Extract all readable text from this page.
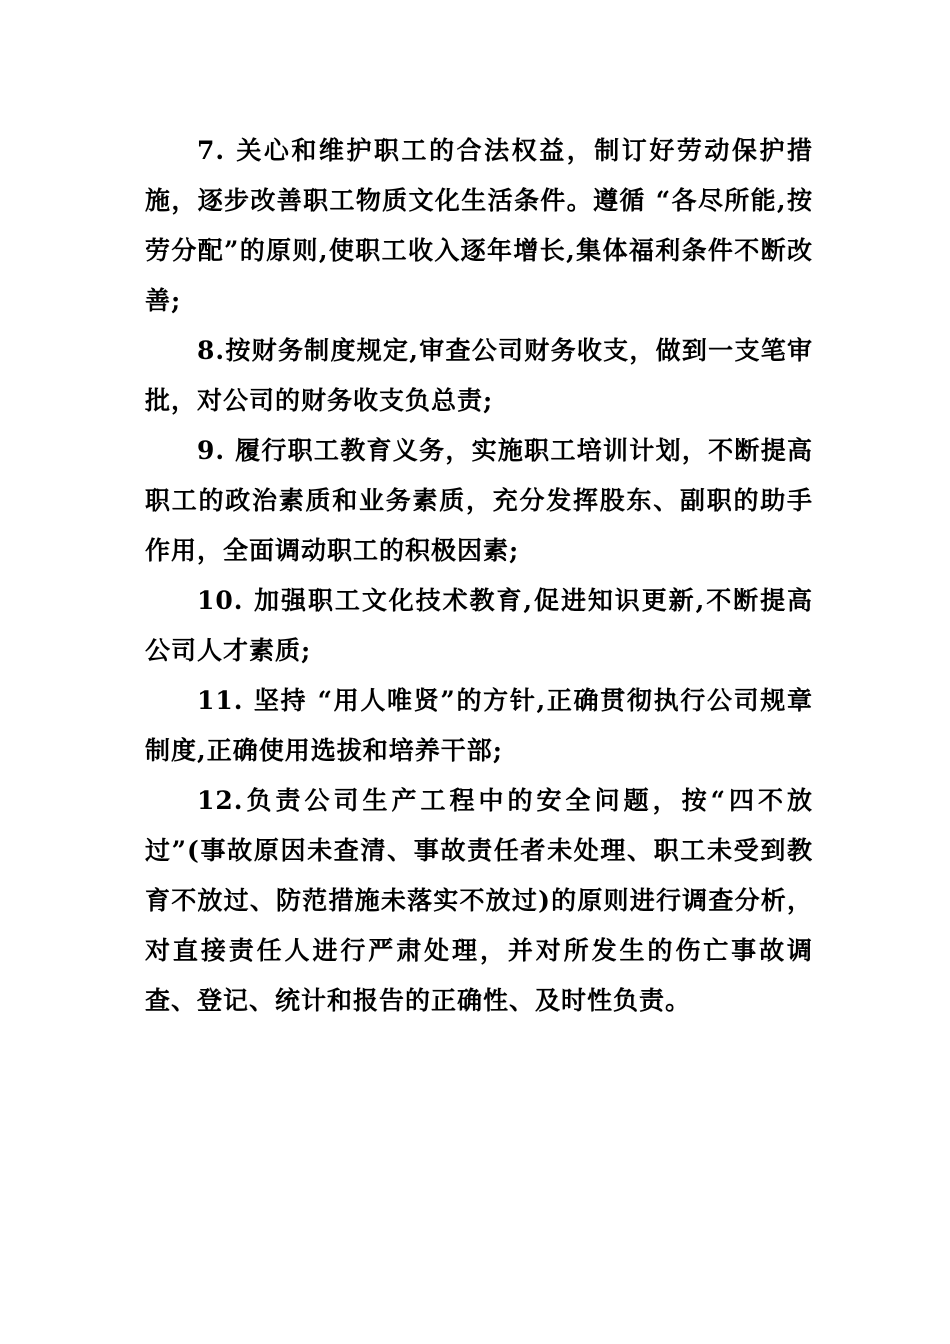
7. 关心和维护职工的合法权益，制订好劳动保护措施，逐步改善职工物质文化生活条件。遵循 “各尽所能,按劳分配”的原则,使职工收入逐年增长,集体福利条件不断改善;

8.按财务制度规定,审查公司财务收支，做到一支笔审批，对公司的财务收支负总责;

9. 履行职工教育义务，实施职工培训计划，不断提高职工的政治素质和业务素质，充分发挥股东、副职的助手作用，全面调动职工的积极因素;

10. 加强职工文化技术教育,促进知识更新,不断提高公司人才素质;

11. 坚持 “用人唯贤”的方针,正确贯彻执行公司规章制度,正确使用选拔和培养干部;

12.负责公司生产工程中的安全问题，按“四不放过”(事故原因未查清、事故责任者未处理、职工未受到教育不放过、防范措施未落实不放过)的原则进行调查分析，对直接责任人进行严肃处理，并对所发生的伤亡事故调查、登记、统计和报告的正确性、及时性负责。
